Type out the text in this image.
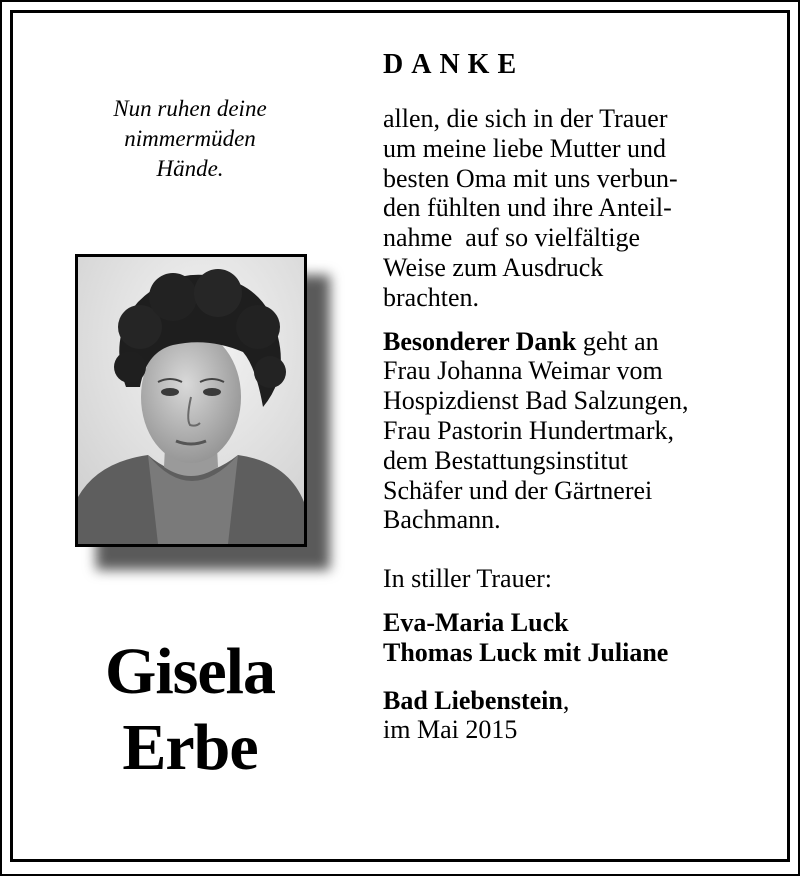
Nun ruhen deine
nimmermüden
Hände.
Gisela
Erbe
DANKE
allen, die sich in der Trauer
um meine liebe Mutter und
besten Oma mit uns verbun-
den fühlten und ihre Anteil-
nahme  auf so vielfältige
Weise zum Ausdruck
brachten.
Besonderer Dank geht an
Frau Johanna Weimar vom
Hospizdienst Bad Salzungen,
Frau Pastorin Hundertmark,
dem Bestattungsinstitut
Schäfer und der Gärtnerei
Bachmann.
In stiller Trauer:
Eva-Maria Luck
Thomas Luck mit Juliane
Bad Liebenstein,
im Mai 2015
